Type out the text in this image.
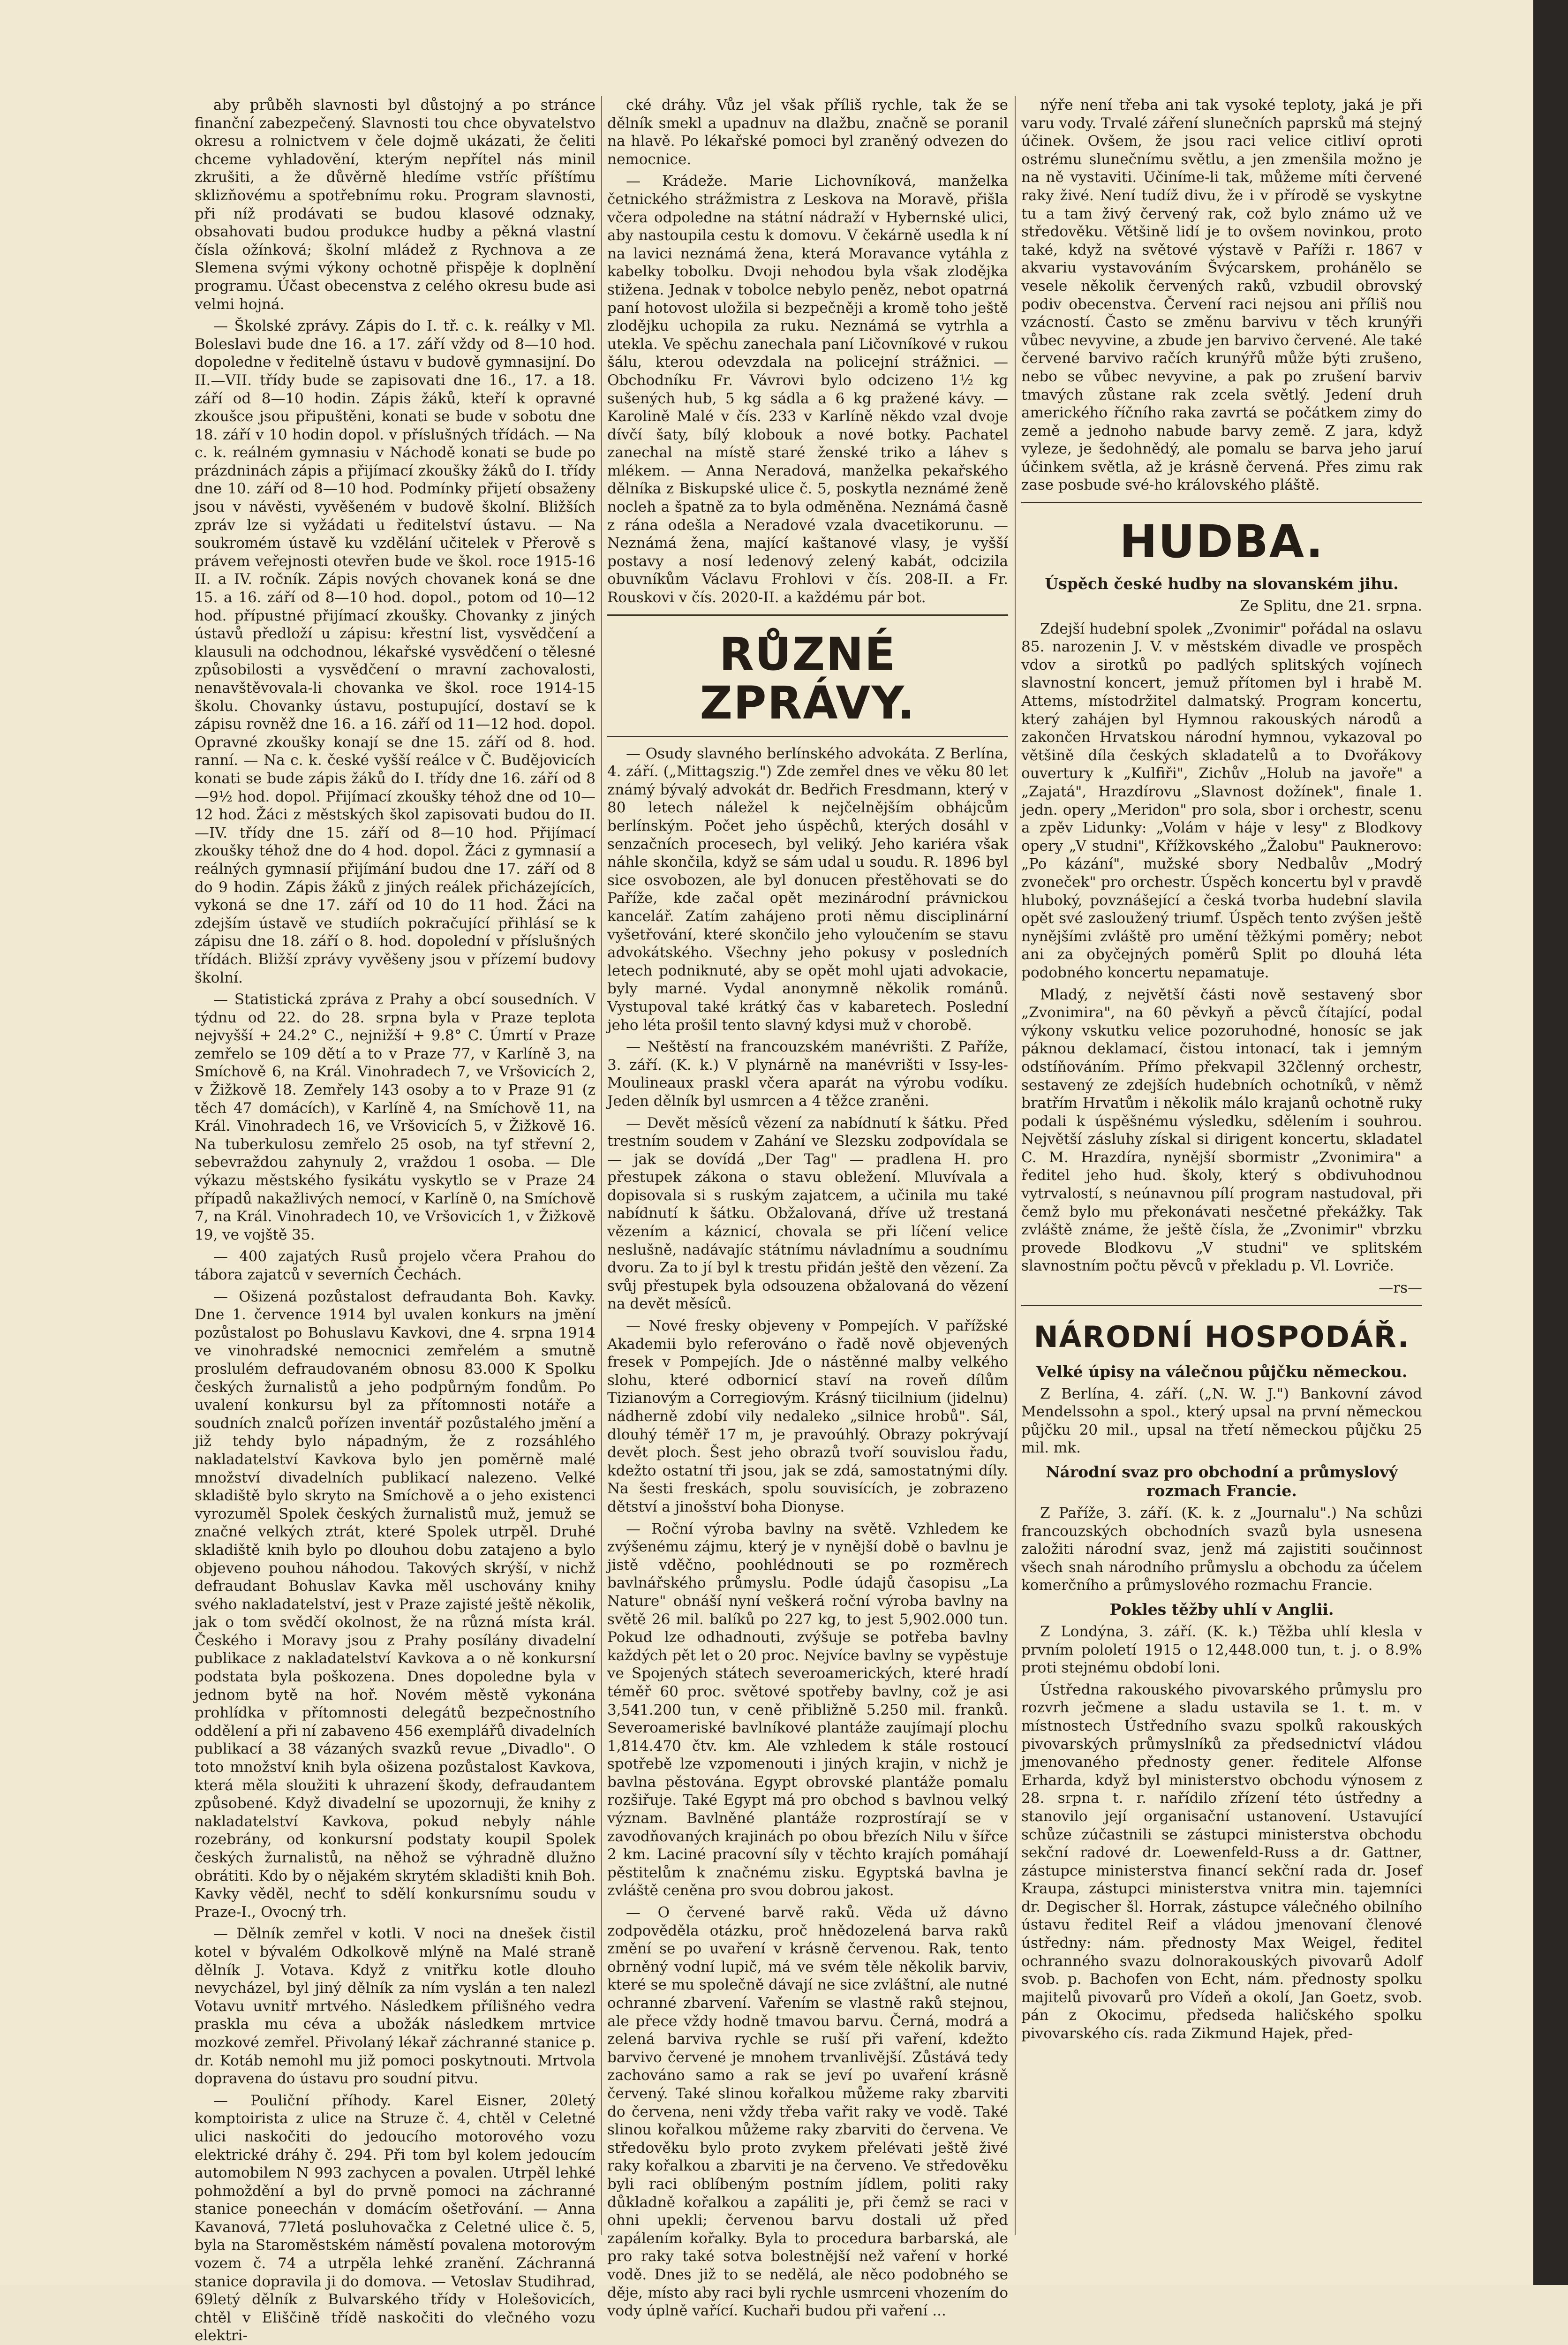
aby průběh slavnosti byl důstojný a po stránce finanční zabezpečený. Slavnosti tou chce obyvatelstvo okresu a rolnictvem v čele dojmě ukázati, že čeliti chceme vyhladovění, kterým nepřítel nás minil zkrušiti, a že důvěrně hledíme vstříc příštímu sklizňovému a spotřebnímu roku. Program slavnosti, při níž prodávati se budou klasové odznaky, obsahovati budou produkce hudby a pěkná vlastní čísla ožínková; školní mládež z Rychnova a ze Slemena svými výkony ochotně přispěje k doplnění programu. Účast obecenstva z celého okresu bude asi velmi hojná.

— Školské zprávy. Zápis do I. tř. c. k. reálky v Ml. Boleslavi bude dne 16. a 17. září vždy od 8—10 hod. dopoledne v ředitelně ústavu v budově gymnasijní. Do II.—VII. třídy bude se zapisovati dne 16., 17. a 18. září od 8—10 hodin. Zápis žáků, kteří k opravné zkoušce jsou připuštěni, konati se bude v sobotu dne 18. září v 10 hodin dopol. v příslušných třídách. — Na c. k. reálném gymnasiu v Náchodě konati se bude po prázdninách zápis a přijímací zkoušky žáků do I. třídy dne 10. září od 8—10 hod. Podmínky přijetí obsaženy jsou v návěsti, vyvěšeném v budově školní. Bližších zpráv lze si vyžádati u ředitelství ústavu. — Na soukromém ústavě ku vzdělání učitelek v Přerově s právem veřejnosti otevřen bude ve škol. roce 1915-16 II. a IV. ročník. Zápis nových chovanek koná se dne 15. a 16. září od 8—10 hod. dopol., potom od 10—12 hod. přípustné přijímací zkoušky. Chovanky z jiných ústavů předloží u zápisu: křestní list, vysvědčení a klausuli na odchodnou, lékařské vysvědčení o tělesné způsobilosti a vysvědčení o mravní zachovalosti, nenavštěvovala-li chovanka ve škol. roce 1914-15 školu. Chovanky ústavu, postupující, dostaví se k zápisu rovněž dne 16. a 16. září od 11—12 hod. dopol. Opravné zkoušky konají se dne 15. září od 8. hod. ranní. — Na c. k. české vyšší reálce v Č. Budějovicích konati se bude zápis žáků do I. třídy dne 16. září od 8—9½ hod. dopol. Přijímací zkoušky téhož dne od 10—12 hod. Žáci z městských škol zapisovati budou do II.—IV. třídy dne 15. září od 8—10 hod. Přijímací zkoušky téhož dne do 4 hod. dopol. Žáci z gymnasií a reálných gymnasií přijímání budou dne 17. září od 8 do 9 hodin. Zápis žáků z jiných reálek přicházejících, vykoná se dne 17. září od 10 do 11 hod. Žáci na zdejším ústavě ve studiích pokračující přihlásí se k zápisu dne 18. září o 8. hod. dopolední v příslušných třídách. Bližší zprávy vyvěšeny jsou v přízemí budovy školní.

— Statistická zpráva z Prahy a obcí sousedních. V týdnu od 22. do 28. srpna byla v Praze teplota nejvyšší + 24.2° C., nejnižší + 9.8° C. Úmrtí v Praze zemřelo se 109 dětí a to v Praze 77, v Karlíně 3, na Smíchově 6, na Král. Vinohradech 7, ve Vršovicích 2, v Žižkově 18. Zemřely 143 osoby a to v Praze 91 (z těch 47 domácích), v Karlíně 4, na Smíchově 11, na Král. Vinohradech 16, ve Vršovicích 5, v Žižkově 16. Na tuberkulosu zemřelo 25 osob, na tyf střevní 2, sebevraždou zahynuly 2, vraždou 1 osoba. — Dle výkazu městského fysikátu vyskytlo se v Praze 24 případů nakažlivých nemocí, v Karlíně 0, na Smíchově 7, na Král. Vinohradech 10, ve Vršovicích 1, v Žižkově 19, ve vojště 35.

— 400 zajatých Rusů projelo včera Prahou do tábora zajatců v severních Čechách.

— Ošizená pozůstalost defraudanta Boh. Kavky. Dne 1. července 1914 byl uvalen konkurs na jmění pozůstalost po Bohuslavu Kavkovi, dne 4. srpna 1914 ve vinohradské nemocnici zemřelém a smutně proslulém defraudovaném obnosu 83.000 K Spolku českých žurnalistů a jeho podpůrným fondům. Po uvalení konkursu byl za přítomnosti notáře a soudních znalců pořízen inventář pozůstalého jmění a již tehdy bylo nápadným, že z rozsáhlého nakladatelství Kavkova bylo jen poměrně malé množství divadelních publikací nalezeno. Velké skladiště bylo skryto na Smíchově a o jeho existenci vyrozuměl Spolek českých žurnalistů muž, jemuž se značné velkých ztrát, které Spolek utrpěl. Druhé skladiště knih bylo po dlouhou dobu zatajeno a bylo objeveno pouhou náhodou. Takových skrýší, v nichž defraudant Bohuslav Kavka měl uschovány knihy svého nakladatelství, jest v Praze zajisté ještě několik, jak o tom svědčí okolnost, že na různá místa král. Českého i Moravy jsou z Prahy posílány divadelní publikace z nakladatelství Kavkova a o ně konkursní podstata byla poškozena. Dnes dopoledne byla v jednom bytě na hoř. Novém městě vykonána prohlídka v přítomnosti delegátů bezpečnostního oddělení a při ní zabaveno 456 exemplářů divadelních publikací a 38 vázaných svazků revue „Divadlo". O toto množství knih byla ošizena pozůstalost Kavkova, která měla sloužiti k uhrazení škody, defraudantem způsobené. Když divadelní se upozornuji, že knihy z nakladatelství Kavkova, pokud nebyly náhle rozebrány, od konkursní podstaty koupil Spolek českých žurnalistů, na něhož se výhradně dlužno obrátiti. Kdo by o nějakém skrytém skladišti knih Boh. Kavky věděl, nechť to sdělí konkursnímu soudu v Praze-I., Ovocný trh.

— Dělník zemřel v kotli. V noci na dnešek čistil kotel v bývalém Odkolkově mlýně na Malé straně dělník J. Votava. Když z vnitřku kotle dlouho nevycházel, byl jiný dělník za ním vyslán a ten nalezl Votavu uvnitř mrtvého. Následkem přílišného vedra praskla mu céva a ubožák následkem mrtvice mozkové zemřel. Přivolaný lékař záchranné stanice p. dr. Kotáb nemohl mu již pomoci poskytnouti. Mrtvola dopravena do ústavu pro soudní pitvu.

— Pouliční příhody. Karel Eisner, 20letý komptoirista z ulice na Struze č. 4, chtěl v Celetné ulici naskočiti do jedoucího motorového vozu elektrické dráhy č. 294. Při tom byl kolem jedoucím automobilem N 993 zachycen a povalen. Utrpěl lehké pohmoždění a byl do prvně pomoci na záchranné stanice poneechán v domácím ošetřování. — Anna Kavanová, 77letá posluhovačka z Celetné ulice č. 5, byla na Staroměstském náměstí povalena motorovým vozem č. 74 a utrpěla lehké zranění. Záchranná stanice dopravila ji do domova. — Vetoslav Studihrad, 69letý dělník z Bulvarského třídy v Holešovicích, chtěl v Eliščině třídě naskočiti do vlečného vozu elektri-

cké dráhy. Vůz jel však příliš rychle, tak že se dělník smekl a upadnuv na dlažbu, značně se poranil na hlavě. Po lékařské pomoci byl zraněný odvezen do nemocnice.

— Krádeže. Marie Lichovníková, manželka četnického strážmistra z Leskova na Moravě, přišla včera odpoledne na státní nádraží v Hybernské ulici, aby nastoupila cestu k domovu. V čekárně usedla k ní na lavici neznámá žena, která Moravance vytáhla z kabelky tobolku. Dvoji nehodou byla však zlodějka stižena. Jednak v tobolce nebylo peněz, nebot opatrná paní hotovost uložila si bezpečněji a kromě toho ještě zlodějku uchopila za ruku. Neznámá se vytrhla a utekla. Ve spěchu zanechala paní Ličovníkové v rukou šálu, kterou odevzdala na policejní strážnici. — Obchodníku Fr. Vávrovi bylo odcizeno 1½ kg sušených hub, 5 kg sádla a 6 kg pražené kávy. — Karolině Malé v čís. 233 v Karlíně někdo vzal dvoje dívčí šaty, bílý klobouk a nové botky. Pachatel zanechal na místě staré ženské triko a láhev s mlékem. — Anna Neradová, manželka pekařského dělníka z Biskupské ulice č. 5, poskytla neznámé ženě nocleh a špatně za to byla odměněna. Neznámá časně z rána odešla a Neradové vzala dvacetikorunu. — Neznámá žena, mající kaštanové vlasy, je vyšší postavy a nosí ledenový zelený kabát, odcizila obuvníkům Václavu Frohlovi v čís. 208-II. a Fr. Rouskovi v čís. 2020-II. a každému pár bot.

RŮZNÉ ZPRÁVY.

— Osudy slavného berlínského advokáta. Z Berlína, 4. září. („Mittagszig.") Zde zemřel dnes ve věku 80 let známý bývalý advokát dr. Bedřich Fresdmann, který v 80 letech náležel k nejčelnějším obhájcům berlínským. Počet jeho úspěchů, kterých dosáhl v senzačních procesech, byl veliký. Jeho kariéra však náhle skončila, když se sám udal u soudu. R. 1896 byl sice osvobozen, ale byl donucen přestěhovati se do Paříže, kde začal opět mezinárodní právnickou kancelář. Zatím zahájeno proti němu disciplinární vyšetřování, které skončilo jeho vyloučením se stavu advokátského. Všechny jeho pokusy v posledních letech podniknuté, aby se opět mohl ujati advokacie, byly marné. Vydal anonymně několik románů. Vystupoval také krátký čas v kabaretech. Poslední jeho léta prošil tento slavný kdysi muž v chorobě.

— Neštěstí na francouzském manévrišti. Z Paříže, 3. září. (K. k.) V plynárně na manévrišti v Issy-les-Moulineaux praskl včera aparát na výrobu vodíku. Jeden dělník byl usmrcen a 4 těžce zraněni.

— Devět měsíců vězení za nabídnutí k šátku. Před trestním soudem v Zahání ve Slezsku zodpovídala se — jak se dovídá „Der Tag" — pradlena H. pro přestupek zákona o stavu obležení. Mluvívala a dopisovala si s ruským zajatcem, a učinila mu také nabídnutí k šátku. Obžalovaná, dříve už trestaná vězením a káznicí, chovala se při líčení velice neslušně, nadávajíc státnímu návladnímu a soudnímu dvoru. Za to jí byl k trestu přidán ještě den vězení. Za svůj přestupek byla odsouzena obžalovaná do vězení na devět měsíců.

— Nové fresky objeveny v Pompejích. V pařížské Akademii bylo referováno o řadě nově objevených fresek v Pompejích. Jde o nástěnné malby velkého slohu, které odbornicí staví na roveň dílům Tizianovým a Corregiovým. Krásný tiicilnium (jidelnu) nádherně zdobí vily nedaleko „silnice hrobů". Sál, dlouhý téměř 17 m, je pravoúhlý. Obrazy pokrývají devět ploch. Šest jeho obrazů tvoří souvislou řadu, kdežto ostatní tři jsou, jak se zdá, samostatnými díly. Na šesti freskách, spolu souvisících, je zobrazeno dětství a jinošství boha Dionyse.

— Roční výroba bavlny na světě. Vzhledem ke zvýšenému zájmu, který je v nynější době o bavlnu je jistě vděčno, poohlédnouti se po rozměrech bavlnářského průmyslu. Podle údajů časopisu „La Nature" obnáší nyní veškerá roční výroba bavlny na světě 26 mil. balíků po 227 kg, to jest 5,902.000 tun. Pokud lze odhadnouti, zvýšuje se potřeba bavlny každých pět let o 20 proc. Nejvíce bavlny se vypěstuje ve Spojených státech severoamerických, které hradí téměř 60 proc. světové spotřeby bavlny, což je asi 3,541.200 tun, v ceně přibližně 5.250 mil. franků. Severoameriské bavlníkové plantáže zaujímají plochu 1,814.470 čtv. km. Ale vzhledem k stále rostoucí spotřebě lze vzpomenouti i jiných krajin, v nichž je bavlna pěstována. Egypt obrovské plantáže pomalu rozšiřuje. Také Egypt má pro obchod s bavlnou velký význam. Bavlněné plantáže rozprostírají se v zavodňovaných krajinách po obou březích Nilu v šířce 2 km. Laciné pracovní síly v těchto krajích pomáhají pěstitelům k značnému zisku. Egyptská bavlna je zvláště ceněna pro svou dobrou jakost.

— O červené barvě raků. Věda už dávno zodpověděla otázku, proč hnědozelená barva raků změní se po uvaření v krásně červenou. Rak, tento obrněný vodní lupič, má ve svém těle několik barviv, které se mu společně dávají ne sice zvláštní, ale nutné ochranné zbarvení. Vařením se vlastně raků stejnou, ale přece vždy hodně tmavou barvu. Černá, modrá a zelená barviva rychle se ruší při vaření, kdežto barvivo červené je mnohem trvanlivější. Zůstává tedy zachováno samo a rak se jeví po uvaření krásně červený. Také slinou kořalkou můžeme raky zbarviti do červena, neni vždy třeba vařit raky ve vodě. Také slinou kořalkou můžeme raky zbarviti do červena. Ve středověku bylo proto zvykem přelévati ještě živé raky kořalkou a zbarviti je na červeno. Ve středověku byli raci oblíbeným postním jídlem, politi raky důkladně kořalkou a zapáliti je, při čemž se raci v ohni upekli; červenou barvu dostali už před zapálením kořalky. Byla to procedura barbarská, ale pro raky také sotva bolestnější než vaření v horké vodě. Dnes již to se nedělá, ale něco podobného se děje, místo aby raci byli rychle usmrceni vhozením do vody úplně vařící. Kuchaři budou při vaření ...

nýře není třeba ani tak vysoké teploty, jaká je při varu vody. Trvalé záření slunečních paprsků má stejný účinek. Ovšem, že jsou raci velice citliví oproti ostrému slunečnímu světlu, a jen zmenšila možno je na ně vystaviti. Učiníme-li tak, můžeme míti červené raky živé. Není tudíž divu, že i v přírodě se vyskytne tu a tam živý červený rak, což bylo známo už ve středověku. Většině lidí je to ovšem novinkou, proto také, když na světové výstavě v Paříži r. 1867 v akvariu vystavováním Švýcarskem, prohánělo se vesele několik červených raků, vzbudil obrovský podiv obecenstva. Červení raci nejsou ani příliš nou vzácností. Často se změnu barvivu v těch krunýři vůbec nevyvine, a zbude jen barvivo červené. Ale také červené barvivo račích krunýřů může býti zrušeno, nebo se vůbec nevyvine, a pak po zrušení barviv tmavých zůstane rak zcela světlý. Jedení druh amerického říčního raka zavrtá se počátkem zimy do země a jednoho nabude barvy země. Z jara, když vyleze, je šedohnědý, ale pomalu se barva jeho jaruí účinkem světla, až je krásně červená. Přes zimu rak zase posbude své-ho královského pláště.

HUDBA.
Úspěch české hudby na slovanském jihu.
Ze Splitu, dne 21. srpna.

Zdejší hudební spolek „Zvonimir" pořádal na oslavu 85. narozenin J. V. v městském divadle ve prospěch vdov a sirotků po padlých splitských vojínech slavnostní koncert, jemuž přítomen byl i hrabě M. Attems, místodržitel dalmatský. Program koncertu, který zahájen byl Hymnou rakouských národů a zakončen Hrvatskou národní hymnou, vykazoval po většině díla českých skladatelů a to Dvořákovy ouvertury k „Kulfiři", Zichův „Holub na javoře" a „Zajatá", Hrazdírovu „Slavnost dožínek", finale 1. jedn. opery „Meridon" pro sola, sbor i orchestr, scenu a zpěv Lidunky: „Volám v háje v lesy" z Blodkovy opery „V studni", Křížkovského „Žalobu" Pauknerovo: „Po kázání", mužské sbory Nedbalův „Modrý zvoneček" pro orchestr. Úspěch koncertu byl v pravdě hluboký, povznášející a česká tvorba hudební slavila opět své zasloužený triumf. Úspěch tento zvýšen ještě nynějšími zvláště pro umění těžkými poměry; nebot ani za obyčejných poměrů Split po dlouhá léta podobného koncertu nepamatuje.

Mladý, z největší části nově sestavený sbor „Zvonimira", na 60 pěvkyň a pěvců čítající, podal výkony vskutku velice pozoruhodné, honosíc se jak páknou deklamací, čistou intonací, tak i jemným odstíňováním. Přímo překvapil 32členný orchestr, sestavený ze zdejších hudebních ochotníků, v němž bratřím Hrvatům i několik málo krajanů ochotně ruky podali k úspěšnému výsledku, sdělením i souhrou. Největší zásluhy získal si dirigent koncertu, skladatel C. M. Hrazdíra, nynější sbormistr „Zvonimira" a ředitel jeho hud. školy, který s obdivuhodnou vytrvalostí, s neúnavnou pílí program nastudoval, při čemž bylo mu překonávati nesčetné překážky. Tak zvláště známe, že ještě čísla, že „Zvonimir" vbrzku provede Blodkovu „V studni" ve splitském slavnostním počtu pěvců v překladu p. Vl. Lovriče.

—rs—
NÁRODNÍ HOSPODÁŘ.
Velké úpisy na válečnou půjčku německou.

Z Berlína, 4. září. („N. W. J.") Bankovní závod Mendelssohn a spol., který upsal na první německou půjčku 20 mil., upsal na třetí německou půjčku 25 mil. mk.

Národní svaz pro obchodní a průmyslový rozmach Francie.

Z Paříže, 3. září. (K. k. z „Journalu".) Na schůzi francouzských obchodních svazů byla usnesena založiti národní svaz, jenž má zajistiti součinnost všech snah národního průmyslu a obchodu za účelem komerčního a průmyslového rozmachu Francie.

Pokles těžby uhlí v Anglii.

Z Londýna, 3. září. (K. k.) Těžba uhlí klesla v prvním pololetí 1915 o 12,448.000 tun, t. j. o 8.9% proti stejnému období loni.

Ústředna rakouského pivovarského průmyslu pro rozvrh ječmene a sladu ustavila se 1. t. m. v místnostech Ústředního svazu spolků rakouských pivovarských průmyslníků za předsednictví vládou jmenovaného přednosty gener. ředitele Alfonse Erharda, když byl ministerstvo obchodu výnosem z 28. srpna t. r. nařídilo zřízení této ústředny a stanovilo její organisační ustanovení. Ustavující schůze zúčastnili se zástupci ministerstva obchodu sekční radové dr. Loewenfeld-Russ a dr. Gattner, zástupce ministerstva financí sekční rada dr. Josef Kraupa, zástupci ministerstva vnitra min. tajemníci dr. Degischer šl. Horrak, zástupce válečného obilního ústavu ředitel Reif a vládou jmenovaní členové ústředny: nám. přednosty Max Weigel, ředitel ochranného svazu dolnorakouských pivovarů Adolf svob. p. Bachofen von Echt, nám. přednosty spolku majitelů pivovarů pro Vídeň a okolí, Jan Goetz, svob. pán z Okocimu, předseda haličského spolku pivovarského cís. rada Zikmund Hajek, před-
